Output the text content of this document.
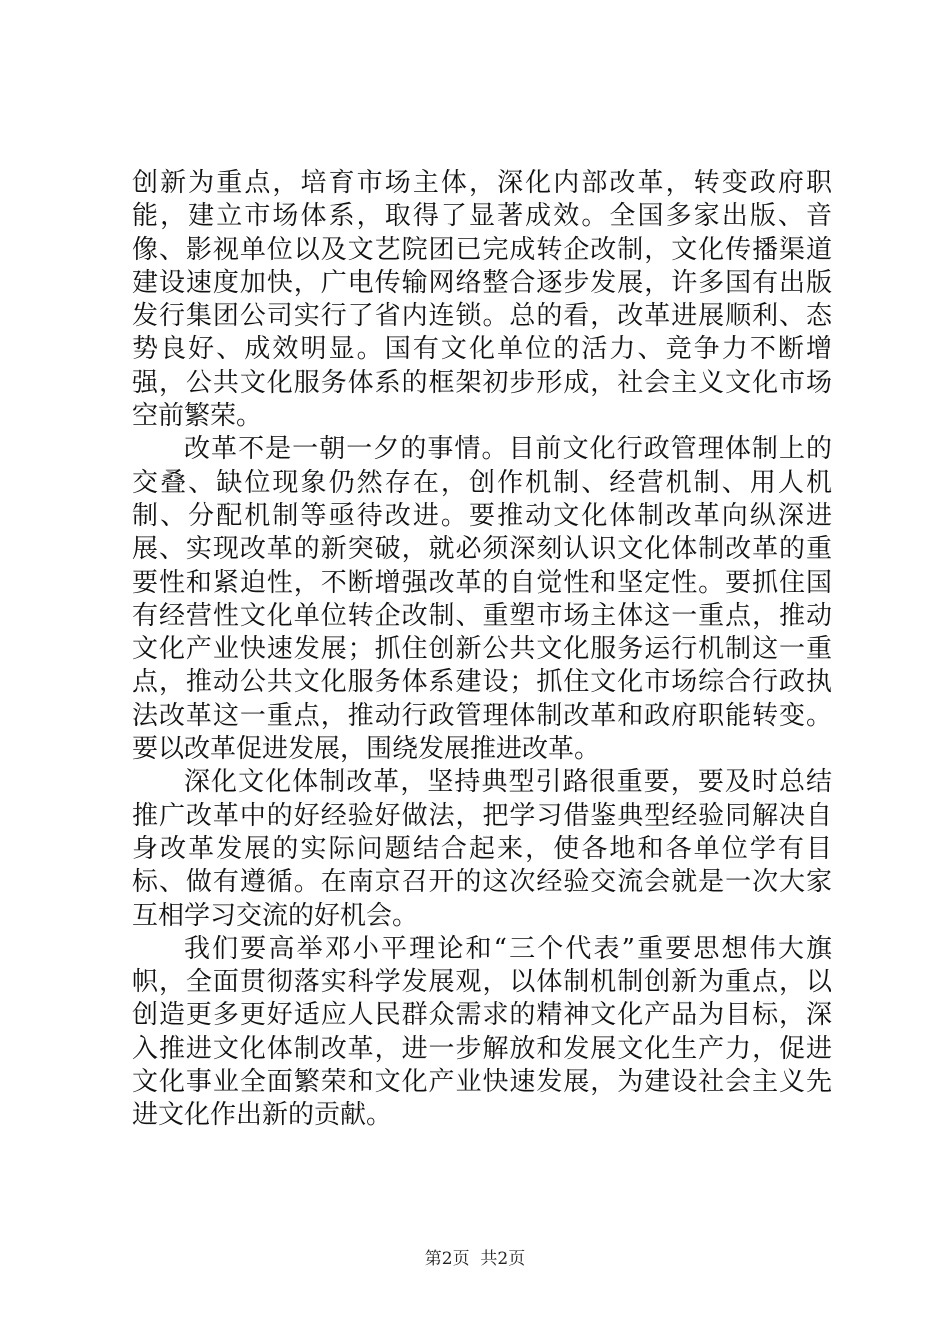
创新为重点，培育市场主体，深化内部改革，转变政府职能，建立市场体系，取得了显著成效。全国多家出版、音像、影视单位以及文艺院团已完成转企改制，文化传播渠道建设速度加快，广电传输网络整合逐步发展，许多国有出版发行集团公司实行了省内连锁。总的看，改革进展顺利、态势良好、成效明显。国有文化单位的活力、竞争力不断增强，公共文化服务体系的框架初步形成，社会主义文化市场空前繁荣。

改革不是一朝一夕的事情。目前文化行政管理体制上的交叠、缺位现象仍然存在，创作机制、经营机制、用人机制、分配机制等亟待改进。要推动文化体制改革向纵深进展、实现改革的新突破，就必须深刻认识文化体制改革的重要性和紧迫性，不断增强改革的自觉性和坚定性。要抓住国有经营性文化单位转企改制、重塑市场主体这一重点，推动文化产业快速发展；抓住创新公共文化服务运行机制这一重点，推动公共文化服务体系建设；抓住文化市场综合行政执法改革这一重点，推动行政管理体制改革和政府职能转变。要以改革促进发展，围绕发展推进改革。

深化文化体制改革，坚持典型引路很重要，要及时总结推广改革中的好经验好做法，把学习借鉴典型经验同解决自身改革发展的实际问题结合起来，使各地和各单位学有目标、做有遵循。在南京召开的这次经验交流会就是一次大家互相学习交流的好机会。

我们要高举邓小平理论和“三个代表”重要思想伟大旗帜，全面贯彻落实科学发展观，以体制机制创新为重点，以创造更多更好适应人民群众需求的精神文化产品为目标，深入推进文化体制改革，进一步解放和发展文化生产力，促进文化事业全面繁荣和文化产业快速发展，为建设社会主义先进文化作出新的贡献。

第2页  共2页
